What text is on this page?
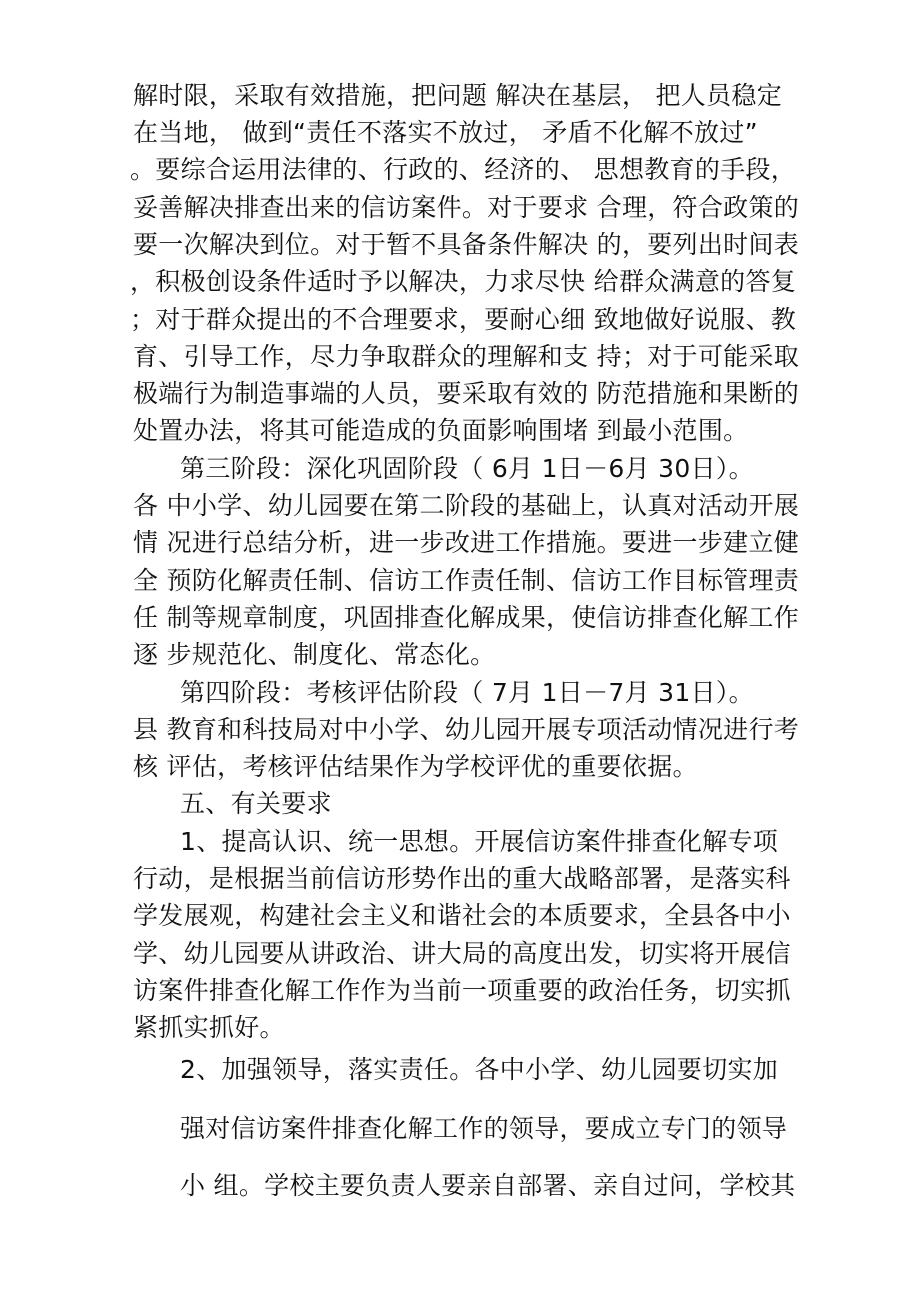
解时限，采取有效措施，把问题 解决在基层， 把人员稳定
在当地， 做到“责任不落实不放过， 矛盾不化解不放过”
。要综合运用法律的、行政的、经济的、 思想教育的手段，
妥善解决排查出来的信访案件。对于要求 合理，符合政策的
要一次解决到位。对于暂不具备条件解决 的，要列出时间表
，积极创设条件适时予以解决，力求尽快 给群众满意的答复
；对于群众提出的不合理要求，要耐心细 致地做好说服、教
育、引导工作，尽力争取群众的理解和支 持；对于可能采取
极端行为制造事端的人员，要采取有效的 防范措施和果断的
处置办法，将其可能造成的负面影响围堵 到最小范围。
第三阶段：深化巩固阶段（ 6月 1日－6月 30日）。
各 中小学、幼儿园要在第二阶段的基础上，认真对活动开展
情 况进行总结分析，进一步改进工作措施。要进一步建立健
全 预防化解责任制、信访工作责任制、信访工作目标管理责
任 制等规章制度，巩固排查化解成果，使信访排查化解工作
逐 步规范化、制度化、常态化。
第四阶段：考核评估阶段（ 7月 1日－7月 31日）。
县 教育和科技局对中小学、幼儿园开展专项活动情况进行考
核 评估，考核评估结果作为学校评优的重要依据。
五、有关要求
1、提高认识、统一思想。开展信访案件排查化解专项
行动，是根据当前信访形势作出的重大战略部署，是落实科
学发展观，构建社会主义和谐社会的本质要求，全县各中小
学、幼儿园要从讲政治、讲大局的高度出发，切实将开展信
访案件排查化解工作作为当前一项重要的政治任务，切实抓
紧抓实抓好。
2、加强领导，落实责任。各中小学、幼儿园要切实加
强对信访案件排查化解工作的领导，要成立专门的领导
小 组。学校主要负责人要亲自部署、亲自过问，学校其
